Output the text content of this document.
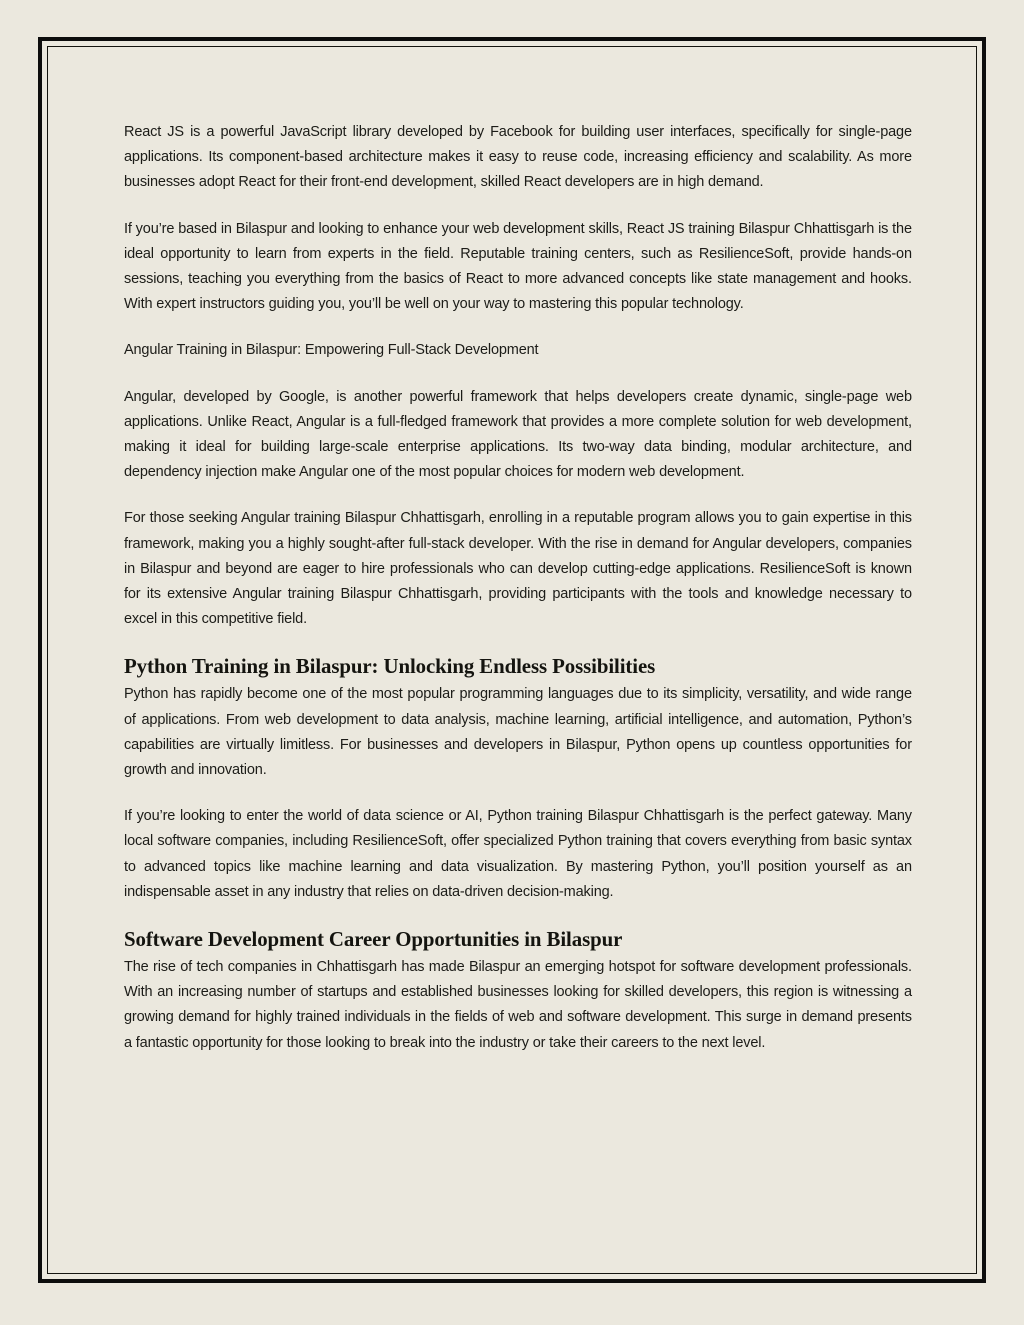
React JS is a powerful JavaScript library developed by Facebook for building user interfaces, specifically for single-page applications. Its component-based architecture makes it easy to reuse code, increasing efficiency and scalability. As more businesses adopt React for their front-end development, skilled React developers are in high demand.

If you’re based in Bilaspur and looking to enhance your web development skills, React JS training Bilaspur Chhattisgarh is the ideal opportunity to learn from experts in the field. Reputable training centers, such as ResilienceSoft, provide hands-on sessions, teaching you everything from the basics of React to more advanced concepts like state management and hooks. With expert instructors guiding you, you’ll be well on your way to mastering this popular technology.

Angular Training in Bilaspur: Empowering Full-Stack Development

Angular, developed by Google, is another powerful framework that helps developers create dynamic, single-page web applications. Unlike React, Angular is a full-fledged framework that provides a more complete solution for web development, making it ideal for building large-scale enterprise applications. Its two-way data binding, modular architecture, and dependency injection make Angular one of the most popular choices for modern web development.

For those seeking Angular training Bilaspur Chhattisgarh, enrolling in a reputable program allows you to gain expertise in this framework, making you a highly sought-after full-stack developer. With the rise in demand for Angular developers, companies in Bilaspur and beyond are eager to hire professionals who can develop cutting-edge applications. ResilienceSoft is known for its extensive Angular training Bilaspur Chhattisgarh, providing participants with the tools and knowledge necessary to excel in this competitive field.

Python Training in Bilaspur: Unlocking Endless Possibilities

Python has rapidly become one of the most popular programming languages due to its simplicity, versatility, and wide range of applications. From web development to data analysis, machine learning, artificial intelligence, and automation, Python’s capabilities are virtually limitless. For businesses and developers in Bilaspur, Python opens up countless opportunities for growth and innovation.

If you’re looking to enter the world of data science or AI, Python training Bilaspur Chhattisgarh is the perfect gateway. Many local software companies, including ResilienceSoft, offer specialized Python training that covers everything from basic syntax to advanced topics like machine learning and data visualization. By mastering Python, you’ll position yourself as an indispensable asset in any industry that relies on data-driven decision-making.

Software Development Career Opportunities in Bilaspur

The rise of tech companies in Chhattisgarh has made Bilaspur an emerging hotspot for software development professionals. With an increasing number of startups and established businesses looking for skilled developers, this region is witnessing a growing demand for highly trained individuals in the fields of web and software development. This surge in demand presents a fantastic opportunity for those looking to break into the industry or take their careers to the next level.
